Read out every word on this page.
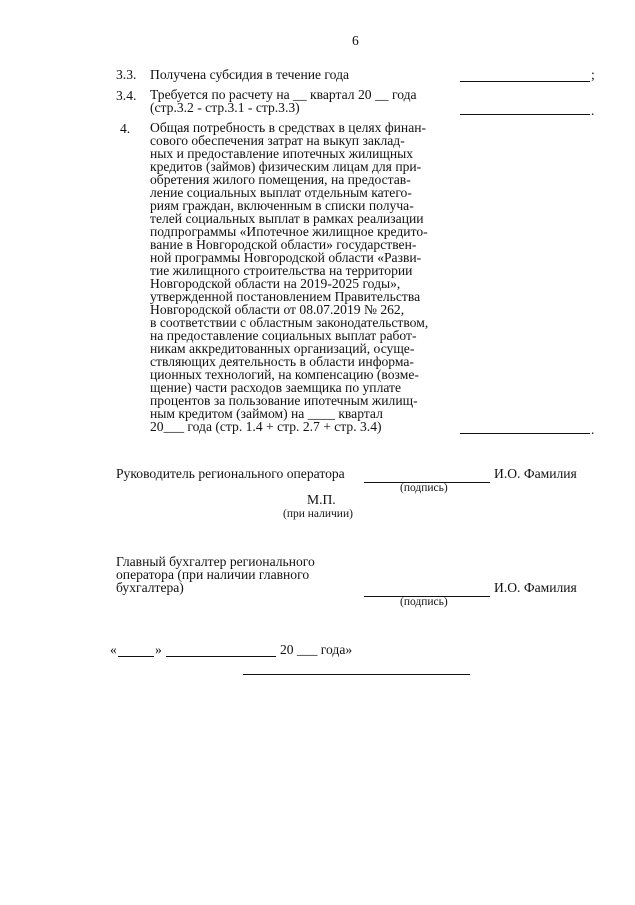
6
3.3. Получена субсидия в течение года	;
3.4. Требуется по расчету на __ квартал 20 __ года
(стр.3.2 - стр.3.1 - стр.3.3)	.
4. Общая потребность в средствах в целях финан-
сового обеспечения затрат на выкуп заклад-
ных и предоставление ипотечных жилищных
кредитов (займов) физическим лицам для при-
обретения жилого помещения, на предостав-
ление социальных выплат отдельным катего-
риям граждан, включенным в списки получа-
телей социальных выплат в рамках реализации
подпрограммы «Ипотечное жилищное кредито-
вание в Новгородской области» государствен-
ной программы Новгородской области «Разви-
тие жилищного строительства на территории
Новгородской области на 2019-2025 годы»,
утвержденной постановлением Правительства
Новгородской области от 08.07.2019 № 262,
в соответствии с областным законодательством,
на предоставление социальных выплат работ-
никам аккредитованных организаций, осуще-
ствляющих деятельность в области информа-
ционных технологий, на компенсацию (возме-
щение) части расходов заемщика по уплате
процентов за пользование ипотечным жилищ-
ным кредитом (займом) на ____ квартал
20___ года (стр. 1.4 + стр. 2.7 + стр. 3.4)	.
Руководитель регионального оператора	И.О. Фамилия
(подпись)
М.П.
(при наличии)
Главный бухгалтер регионального
оператора (при наличии главного
бухгалтера)	И.О. Фамилия
(подпись)
«	»	20 ___ года»
